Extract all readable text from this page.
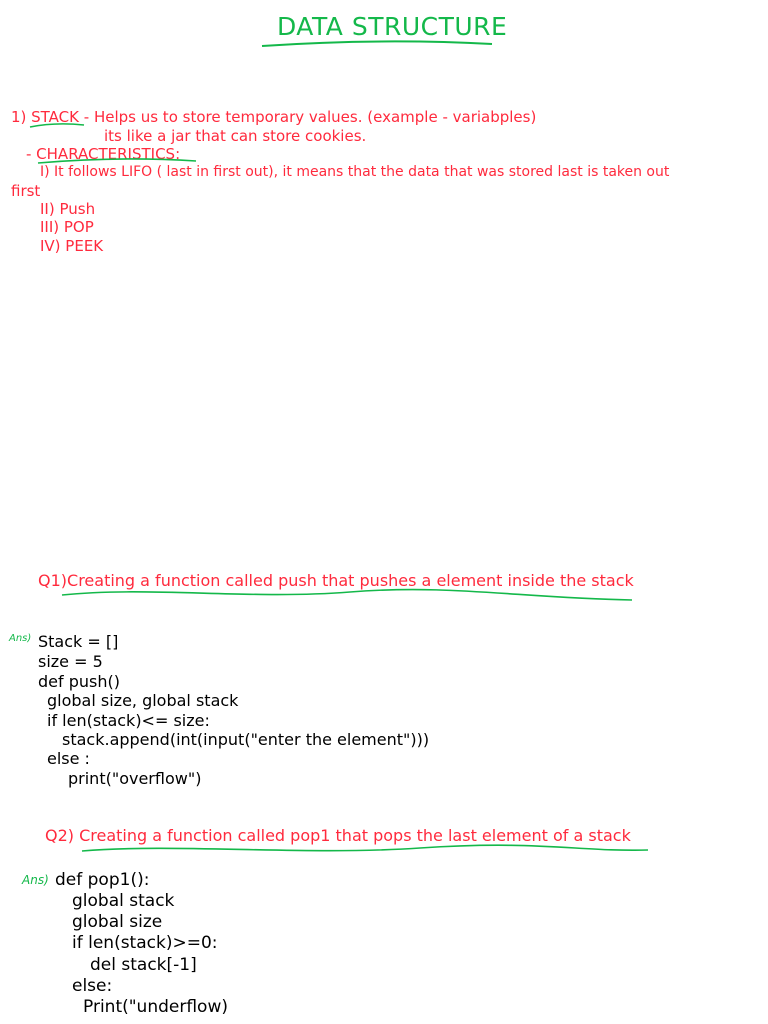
DATA STRUCTURE
1) STACK - Helps us to store temporary values. (example - variabples)
its like a jar that can store cookies.
- CHARACTERISTICS:
I) It follows LIFO ( last in first out), it means that the data that was stored last is taken out
first
II) Push
III) POP
IV) PEEK
Q1)Creating a function called push that pushes a element inside the stack
Ans) Stack = []
size = 5
def push()
global size, global stack
if len(stack)<= size:
stack.append(int(input("enter the element")))
else :
print("overflow")
Q2) Creating a function called pop1 that pops the last element of a stack
Ans) def pop1():
global stack
global size
if len(stack)>=0:
del stack[-1]
else:
Print("underflow)
